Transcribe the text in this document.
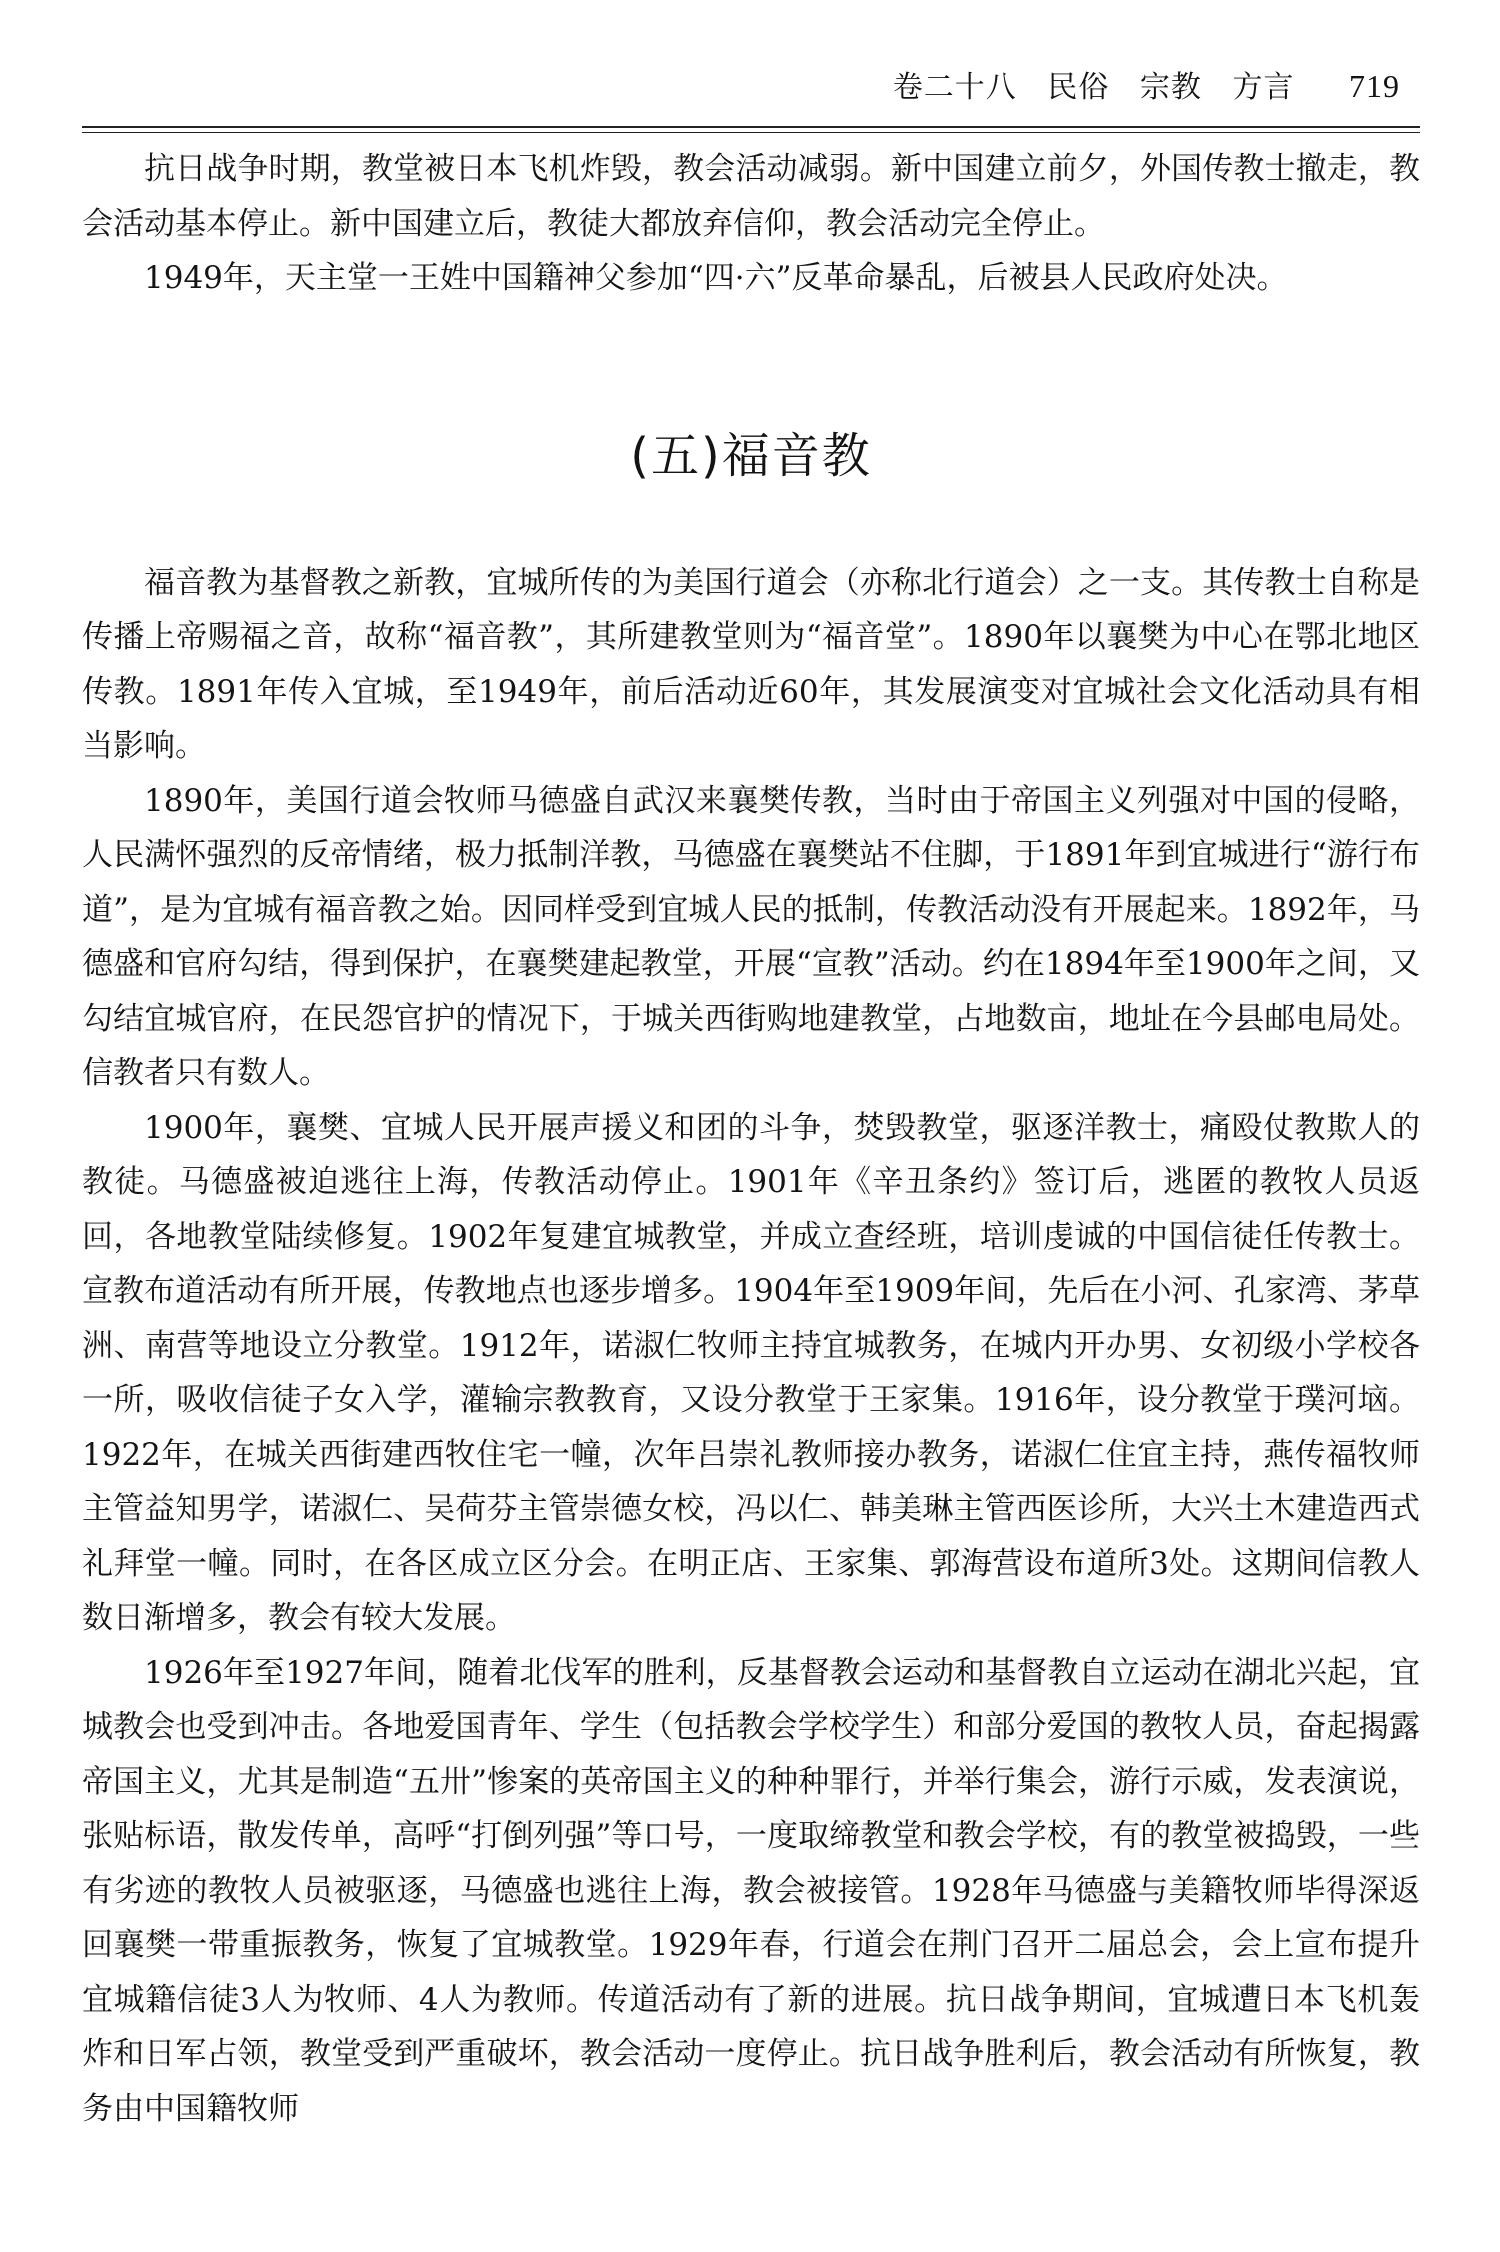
卷二十八 民俗 宗教 方言 719

抗日战争时期，教堂被日本飞机炸毁，教会活动减弱。新中国建立前夕，外国传教士撤走，教会活动基本停止。新中国建立后，教徒大都放弃信仰，教会活动完全停止。

1949年，天主堂一王姓中国籍神父参加“四·六”反革命暴乱，后被县人民政府处决。

(五)福音教

福音教为基督教之新教，宜城所传的为美国行道会（亦称北行道会）之一支。其传教士自称是传播上帝赐福之音，故称“福音教”，其所建教堂则为“福音堂”。1890年以襄樊为中心在鄂北地区传教。1891年传入宜城，至1949年，前后活动近60年，其发展演变对宜城社会文化活动具有相当影响。

1890年，美国行道会牧师马德盛自武汉来襄樊传教，当时由于帝国主义列强对中国的侵略，人民满怀强烈的反帝情绪，极力抵制洋教，马德盛在襄樊站不住脚，于1891年到宜城进行“游行布道”，是为宜城有福音教之始。因同样受到宜城人民的抵制，传教活动没有开展起来。1892年，马德盛和官府勾结，得到保护，在襄樊建起教堂，开展“宣教”活动。约在1894年至1900年之间，又勾结宜城官府，在民怨官护的情况下，于城关西街购地建教堂，占地数亩，地址在今县邮电局处。信教者只有数人。

1900年，襄樊、宜城人民开展声援义和团的斗争，焚毁教堂，驱逐洋教士，痛殴仗教欺人的教徒。马德盛被迫逃往上海，传教活动停止。1901年《辛丑条约》签订后，逃匿的教牧人员返回，各地教堂陆续修复。1902年复建宜城教堂，并成立查经班，培训虔诚的中国信徒任传教士。宣教布道活动有所开展，传教地点也逐步增多。1904年至1909年间，先后在小河、孔家湾、茅草洲、南营等地设立分教堂。1912年，诺淑仁牧师主持宜城教务，在城内开办男、女初级小学校各一所，吸收信徒子女入学，灌输宗教教育，又设分教堂于王家集。1916年，设分教堂于璞河垴。1922年，在城关西街建西牧住宅一幢，次年吕崇礼教师接办教务，诺淑仁住宜主持，燕传福牧师主管益知男学，诺淑仁、吴荷芬主管崇德女校，冯以仁、韩美琳主管西医诊所，大兴土木建造西式礼拜堂一幢。同时，在各区成立区分会。在明正店、王家集、郭海营设布道所3处。这期间信教人数日渐增多，教会有较大发展。

1926年至1927年间，随着北伐军的胜利，反基督教会运动和基督教自立运动在湖北兴起，宜城教会也受到冲击。各地爱国青年、学生（包括教会学校学生）和部分爱国的教牧人员，奋起揭露帝国主义，尤其是制造“五卅”惨案的英帝国主义的种种罪行，并举行集会，游行示威，发表演说，张贴标语，散发传单，高呼“打倒列强”等口号，一度取缔教堂和教会学校，有的教堂被捣毁，一些有劣迹的教牧人员被驱逐，马德盛也逃往上海，教会被接管。1928年马德盛与美籍牧师毕得深返回襄樊一带重振教务，恢复了宜城教堂。1929年春，行道会在荆门召开二届总会，会上宣布提升宜城籍信徒3人为牧师、4人为教师。传道活动有了新的进展。抗日战争期间，宜城遭日本飞机轰炸和日军占领，教堂受到严重破坏，教会活动一度停止。抗日战争胜利后，教会活动有所恢复，教务由中国籍牧师
